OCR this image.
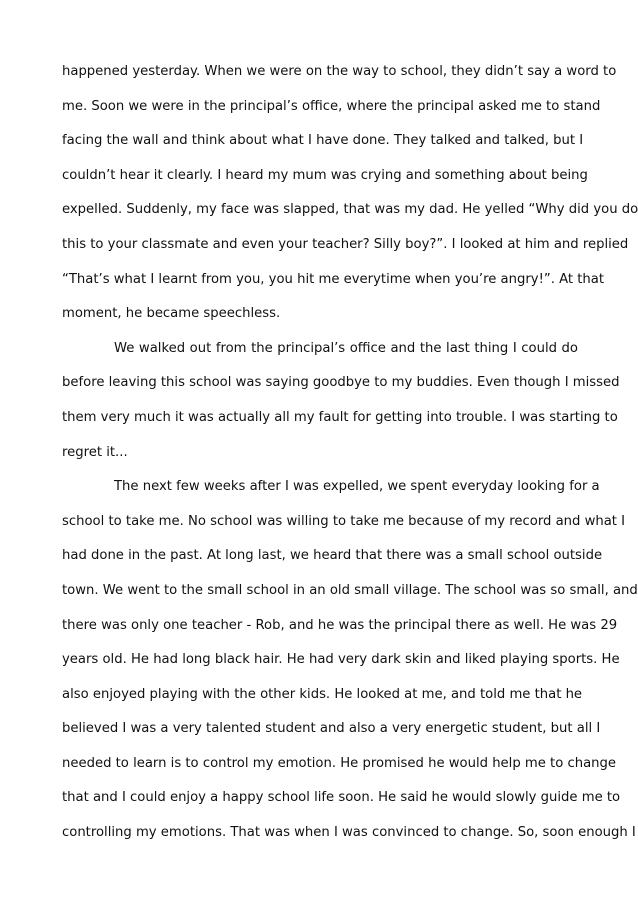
happened yesterday. When we were on the way to school, they didn’t say a word to
me. Soon we were in the principal’s office, where the principal asked me to stand
facing the wall and think about what I have done. They talked and talked, but I
couldn’t hear it clearly. I heard my mum was crying and something about being
expelled. Suddenly, my face was slapped, that was my dad. He yelled “Why did you do
this to your classmate and even your teacher? Silly boy?”. I looked at him and replied
“That’s what I learnt from you, you hit me everytime when you’re angry!”. At that
moment, he became speechless.
We walked out from the principal’s office and the last thing I could do
before leaving this school was saying goodbye to my buddies. Even though I missed
them very much it was actually all my fault for getting into trouble. I was starting to
regret it...
The next few weeks after I was expelled, we spent everyday looking for a
school to take me. No school was willing to take me because of my record and what I
had done in the past. At long last, we heard that there was a small school outside
town. We went to the small school in an old small village. The school was so small, and
there was only one teacher - Rob, and he was the principal there as well. He was 29
years old. He had long black hair. He had very dark skin and liked playing sports. He
also enjoyed playing with the other kids. He looked at me, and told me that he
believed I was a very talented student and also a very energetic student, but all I
needed to learn is to control my emotion. He promised he would help me to change
that and I could enjoy a happy school life soon. He said he would slowly guide me to
controlling my emotions. That was when I was convinced to change. So, soon enough I
